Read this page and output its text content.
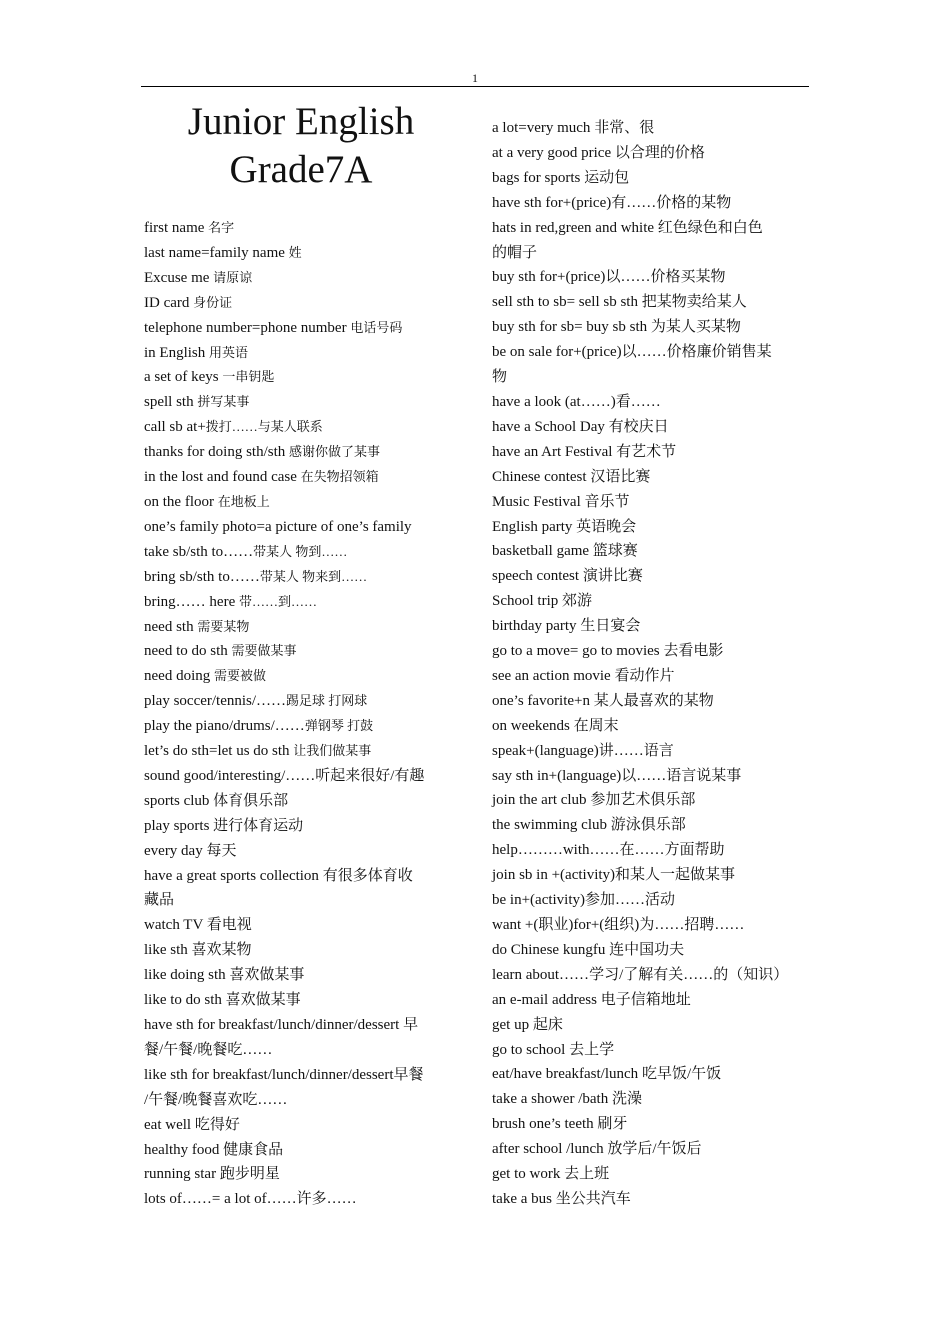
1
Junior English
Grade7A
first name 名字
last name=family name 姓
Excuse me 请原谅
ID card 身份证
telephone number=phone number 电话号码
in English 用英语
a set of keys 一串钥匙
spell sth 拼写某事
call sb at+拨打……与某人联系
thanks for doing sth/sth 感谢你做了某事
in the lost and found case 在失物招领箱
on the floor 在地板上
one’s family photo=a picture of one’s family
take sb/sth to……带某人 物到……
bring sb/sth to……带某人 物来到……
bring…… here 带……到……
need sth 需要某物
need to do sth 需要做某事
need doing 需要被做
play soccer/tennis/……踢足球 打网球
play the piano/drums/……弹钢琴 打鼓
let’s do sth=let us do sth 让我们做某事
sound good/interesting/……听起来很好/有趣
sports club 体育俱乐部
play sports 进行体育运动
every day 每天
have a great sports collection 有很多体育收
藏品
watch TV 看电视
like sth 喜欢某物
like doing sth 喜欢做某事
like to do sth 喜欢做某事
have sth for breakfast/lunch/dinner/dessert 早
餐/午餐/晚餐吃……
like sth for breakfast/lunch/dinner/dessert早餐
/午餐/晚餐喜欢吃……
eat well 吃得好
healthy food 健康食品
running star 跑步明星
lots of……= a lot of……许多……
a lot=very much 非常、很
at a very good price 以合理的价格
bags for sports 运动包
have sth for+(price)有……价格的某物
hats in red,green and white 红色绿色和白色
的帽子
buy sth for+(price)以……价格买某物
sell sth to sb= sell sb sth 把某物卖给某人
buy sth for sb= buy sb sth 为某人买某物
be on sale for+(price)以……价格廉价销售某
物
have a look (at……)看……
have a School Day 有校庆日
have an Art Festival 有艺术节
Chinese contest 汉语比赛
Music Festival 音乐节
English party 英语晚会
basketball game 篮球赛
speech contest 演讲比赛
School trip 郊游
birthday party 生日宴会
go to a move= go to movies 去看电影
see an action movie 看动作片
one’s favorite+n 某人最喜欢的某物
on weekends 在周末
speak+(language)讲……语言
say sth in+(language)以……语言说某事
join the art club 参加艺术俱乐部
the swimming club 游泳俱乐部
help………with……在……方面帮助
join sb in +(activity)和某人一起做某事
be in+(activity)参加……活动
want +(职业)for+(组织)为……招聘……
do Chinese kungfu 连中国功夫
learn about……学习/了解有关……的（知识）
an e-mail address 电子信箱地址
get up 起床
go to school 去上学
eat/have breakfast/lunch 吃早饭/午饭
take a shower /bath 洗澡
brush one’s teeth 刷牙
after school /lunch 放学后/午饭后
get to work 去上班
take a bus 坐公共汽车
